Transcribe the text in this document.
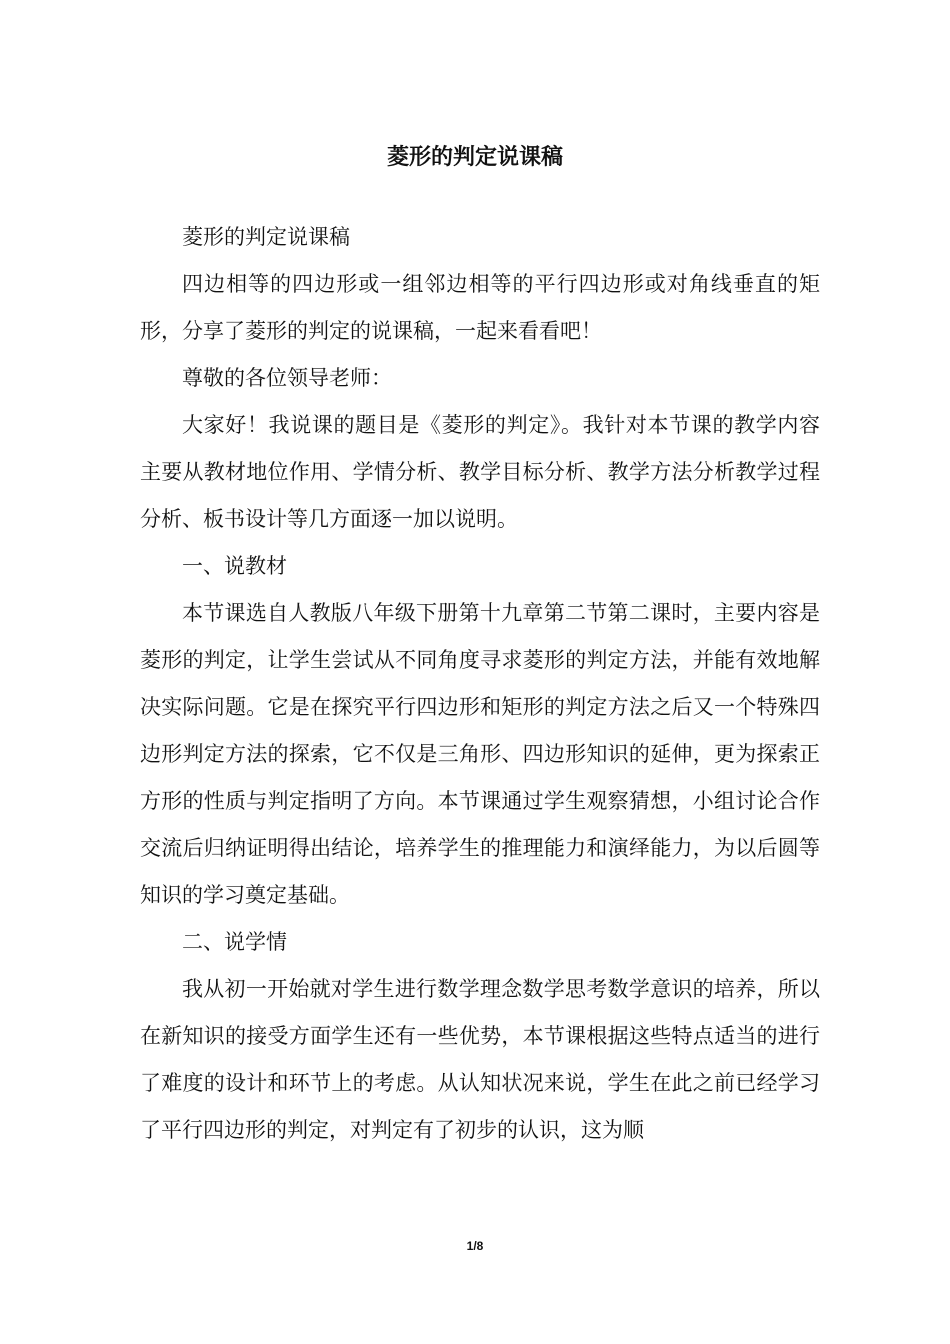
菱形的判定说课稿

菱形的判定说课稿

四边相等的四边形或一组邻边相等的平行四边形或对角线垂直的矩形，分享了菱形的判定的说课稿，一起来看看吧！

尊敬的各位领导老师：

大家好！我说课的题目是《菱形的判定》。我针对本节课的教学内容主要从教材地位作用、学情分析、教学目标分析、教学方法分析教学过程分析、板书设计等几方面逐一加以说明。

一、说教材

本节课选自人教版八年级下册第十九章第二节第二课时，主要内容是菱形的判定，让学生尝试从不同角度寻求菱形的判定方法，并能有效地解决实际问题。它是在探究平行四边形和矩形的判定方法之后又一个特殊四边形判定方法的探索，它不仅是三角形、四边形知识的延伸，更为探索正方形的性质与判定指明了方向。本节课通过学生观察猜想，小组讨论合作交流后归纳证明得出结论，培养学生的推理能力和演绎能力，为以后圆等知识的学习奠定基础。

二、说学情

我从初一开始就对学生进行数学理念数学思考数学意识的培养，所以在新知识的接受方面学生还有一些优势，本节课根据这些特点适当的进行了难度的设计和环节上的考虑。从认知状况来说，学生在此之前已经学习了平行四边形的判定，对判定有了初步的认识，这为顺

1/8
